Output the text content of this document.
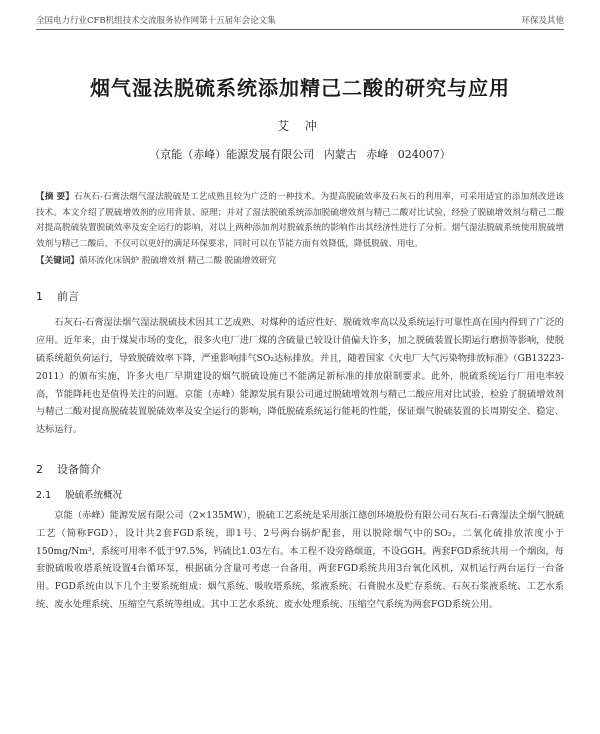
全国电力行业CFB机组技术交流服务协作网第十五届年会论文集	环保及其他
烟气湿法脱硫系统添加精己二酸的研究与应用
艾 冲
（京能（赤峰）能源发展有限公司 内蒙古 赤峰 024007）
【摘 要】石灰石-石膏法烟气湿法脱硫是工艺成熟且较为广泛的一种技术。为提高脱硫效率及石灰石的利用率，可采用适宜的添加剂改进该技术。本文介绍了脱硫增效剂的应用背景、原理；并对了湿法脱硫系统添加脱硫增效剂与精己二酸对比试验，经验了脱硫增效剂与精己二酸对提高脱硫装置脱硫效率及安全运行的影响，对以上两种添加剂对脱硫系统的影响作出其经济性进行了分析。烟气湿法脱硫系统使用脱硫增效剂与精己二酸后，不仅可以更好的满足环保要求，同时可以在节能方面有效降低，降低脱硫、用电。
【关键词】循环流化床锅炉 脱硫增效剂 精己二酸 脱硫增效研究
1 前言

石灰石-石膏湿法烟气湿法脱硫技术因其工艺成熟、对煤种的适应性好、脱硫效率高以及系统运行可靠性高在国内得到了广泛的应用。近年来，由于煤炭市场的变化，很多火电厂进厂煤的含硫量已较设计值偏大许多，加之脱硫装置长期运行磨损等影响，使脱硫系统超负荷运行，导致脱硫效率下降，严重影响排气SO₂达标排放。并且，随着国家《火电厂大气污染物排放标准》（GB13223-2011）的颁布实施，许多火电厂早期建设的烟气脱硫设施已不能满足新标准的排放限制要求。此外，脱硫系统运行厂用电率较高，节能降耗也是值得关注的问题。京能（赤峰）能源发展有限公司通过脱硫增效剂与精己二酸应用对比试验，检验了脱硫增效剂与精己二酸对提高脱硫装置脱硫效率及安全运行的影响，降低脱硫系统运行能耗的性能，保证烟气脱硫装置的长周期安全、稳定、达标运行。

2 设备简介
2.1 脱硫系统概况

京能（赤峰）能源发展有限公司（2×135MW），脱硫工艺系统是采用浙江德创环境股份有限公司石灰石-石膏湿法全烟气脱硫工艺（简称FGD），设计共2套FGD系统，即1号、2号两台锅炉配套，用以脱除烟气中的SO₂，二氧化硫排放浓度小于150mg/Nm³，系统可用率不低于97.5%，钙硫比1.03左右。本工程不设旁路烟道，不设GGH。两套FGD系统共用一个烟囱，每套脱硫吸收塔系统设置4台循环泵，根据硫分含量可考虑一台备用，两套FGD系统共用3台氧化风机，双机运行两台运行一台备用。FGD系统由以下几个主要系统组成：烟气系统、吸收塔系统、浆液系统、石膏脱水及贮存系统、石灰石浆液系统、工艺水系统、废水处理系统、压缩空气系统等组成。其中工艺水系统、废水处理系统、压缩空气系统为两套FGD系统公用。
